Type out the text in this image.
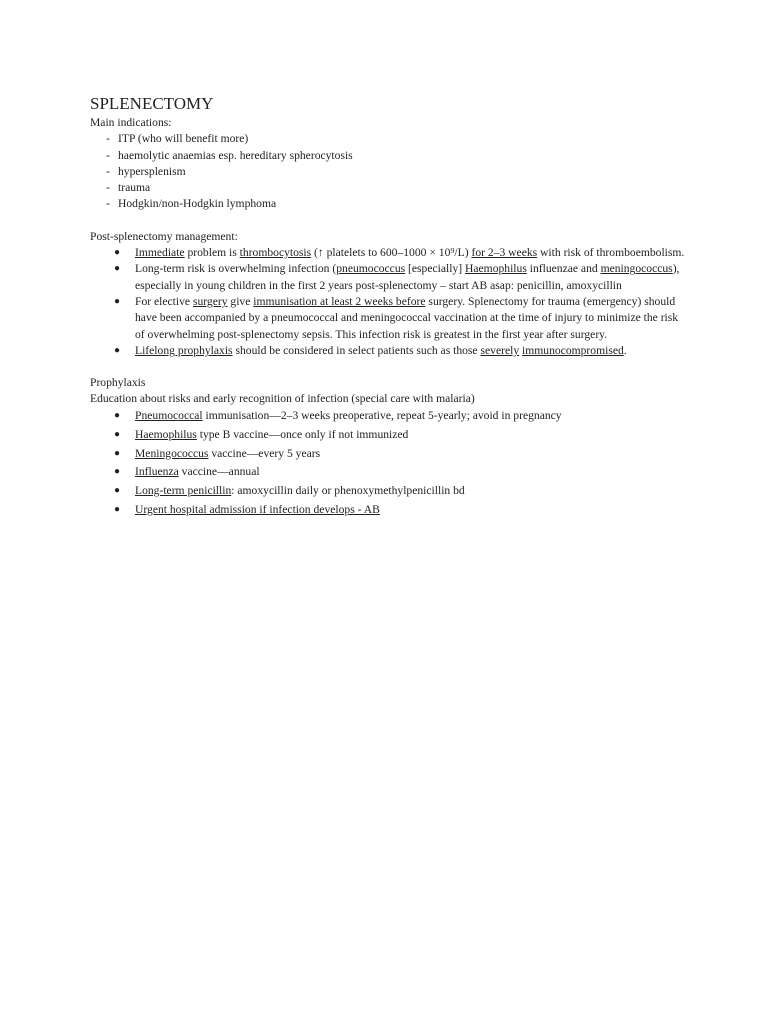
SPLENECTOMY

Main indications:

- ITP (who will benefit more)
- haemolytic anaemias esp. hereditary spherocytosis
- hypersplenism
- trauma
- Hodgkin/non-Hodgkin lymphoma

Post-splenectomy management:

● Immediate problem is thrombocytosis (↑ platelets to 600–1000 × 10⁹/L) for 2–3 weeks with risk of thromboembolism.
● Long-term risk is overwhelming infection (pneumococcus [especially] Haemophilus influenzae and meningococcus), especially in young children in the first 2 years post-splenectomy – start AB asap: penicillin, amoxycillin
● For elective surgery give immunisation at least 2 weeks before surgery. Splenectomy for trauma (emergency) should have been accompanied by a pneumococcal and meningococcal vaccination at the time of injury to minimize the risk of overwhelming post-splenectomy sepsis. This infection risk is greatest in the first year after surgery.
● Lifelong prophylaxis should be considered in select patients such as those severely immunocompromised.

Prophylaxis

Education about risks and early recognition of infection (special care with malaria)

● Pneumococcal immunisation—2–3 weeks preoperative, repeat 5-yearly; avoid in pregnancy
● Haemophilus type B vaccine—once only if not immunized
● Meningococcus vaccine—every 5 years
● Influenza vaccine—annual
● Long-term penicillin: amoxycillin daily or phenoxymethylpenicillin bd
● Urgent hospital admission if infection develops - AB
